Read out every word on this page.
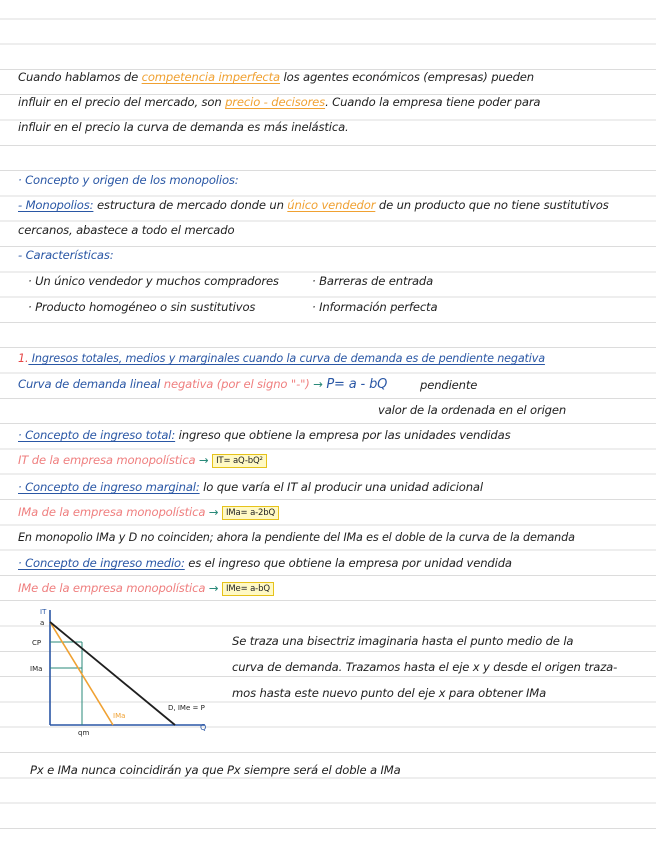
Cuando hablamos de competencia imperfecta los agentes económicos (empresas) pueden
influir en el precio del mercado, son precio - decisores. Cuando la empresa tiene poder para
influir en el precio la curva de demanda es más inelástica.
· Concepto y origen de los monopolios:
- Monopolios: estructura de mercado donde un único vendedor de un producto que no tiene sustitutivos
cercanos, abastece a todo el mercado
- Características:
· Un único vendedor y muchos compradores	· Barreras de entrada
· Producto homogéneo o sin sustitutivos	· Información perfecta
1. Ingresos totales, medios y marginales cuando la curva de demanda es de pendiente negativa
Curva de demanda lineal negativa (por el signo "-") → P= a - bQ	pendiente
valor de la ordenada en el origen
· Concepto de ingreso total: ingreso que obtiene la empresa por las unidades vendidas
IT de la empresa monopolística → IT= aQ-bQ²
· Concepto de ingreso marginal: lo que varía el IT al producir una unidad adicional
IMa de la empresa monopolística → IMa= a-2bQ
En monopolio IMa y D no coinciden; ahora la pendiente del IMa es el doble de la curva de la demanda
· Concepto de ingreso medio: es el ingreso que obtiene la empresa por unidad vendida
IMe de la empresa monopolística → IMe= a-bQ
IT
a
CP
IMa
qm
Q
IMa
D, IMe = P
Se traza una bisectriz imaginaria hasta el punto medio de la
curva de demanda. Trazamos hasta el eje x y desde el origen traza-
mos hasta este nuevo punto del eje x para obtener IMa
Px e IMa nunca coincidirán ya que Px siempre será el doble a IMa
